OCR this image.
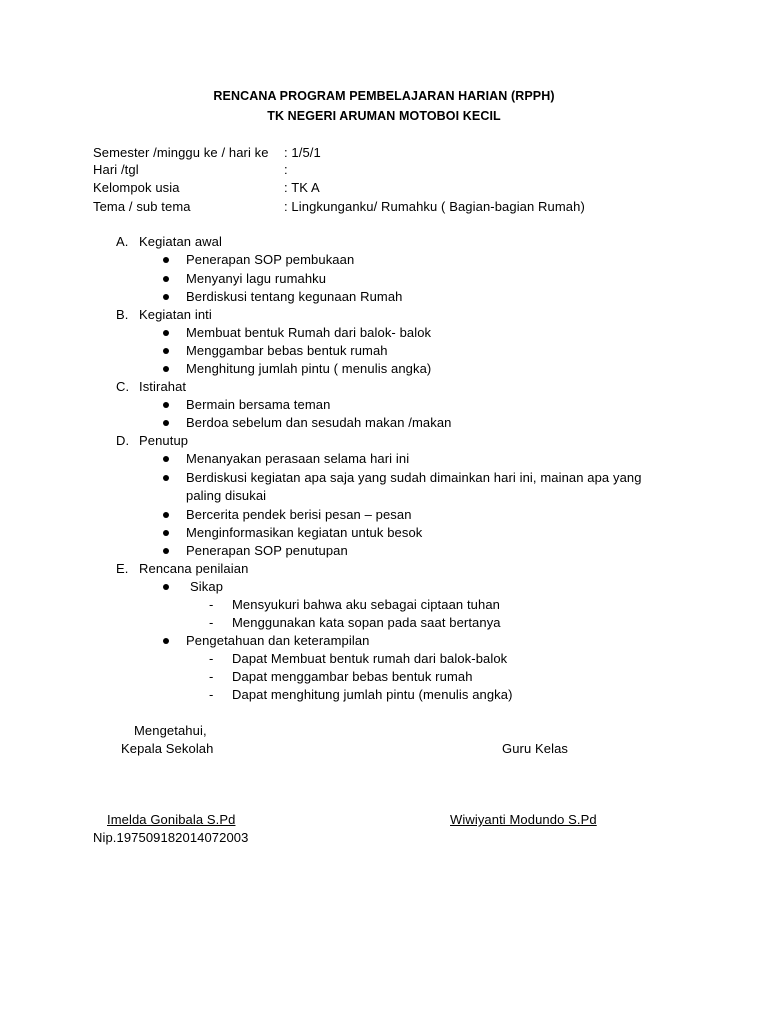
RENCANA PROGRAM PEMBELAJARAN HARIAN (RPPH)
TK NEGERI ARUMAN MOTOBOI KECIL
Semester /minggu ke / hari ke : 1/5/1
Hari /tgl	:
Kelompok usia	: TK A
Tema / sub tema	: Lingkunganku/ Rumahku ( Bagian-bagian Rumah)
A. Kegiatan awal
Penerapan SOP pembukaan
Menyanyi lagu rumahku
Berdiskusi tentang kegunaan Rumah
B. Kegiatan inti
Membuat bentuk Rumah dari balok- balok
Menggambar bebas bentuk rumah
Menghitung jumlah pintu ( menulis angka)
C. Istirahat
Bermain bersama teman
Berdoa sebelum dan sesudah makan /makan
D. Penutup
Menanyakan perasaan selama hari ini
Berdiskusi kegiatan apa saja yang sudah dimainkan hari ini, mainan apa yang
paling disukai
Bercerita pendek berisi pesan – pesan
Menginformasikan kegiatan untuk besok
Penerapan SOP penutupan
E. Rencana penilaian
Sikap
- Mensyukuri bahwa aku sebagai ciptaan tuhan
- Menggunakan kata sopan pada saat bertanya
Pengetahuan dan keterampilan
- Dapat Membuat bentuk rumah dari balok-balok
- Dapat menggambar bebas bentuk rumah
- Dapat menghitung jumlah pintu (menulis angka)
Mengetahui,
Kepala Sekolah	Guru Kelas
Imelda Gonibala S.Pd	Wiwiyanti Modundo S.Pd
Nip.197509182014072003
